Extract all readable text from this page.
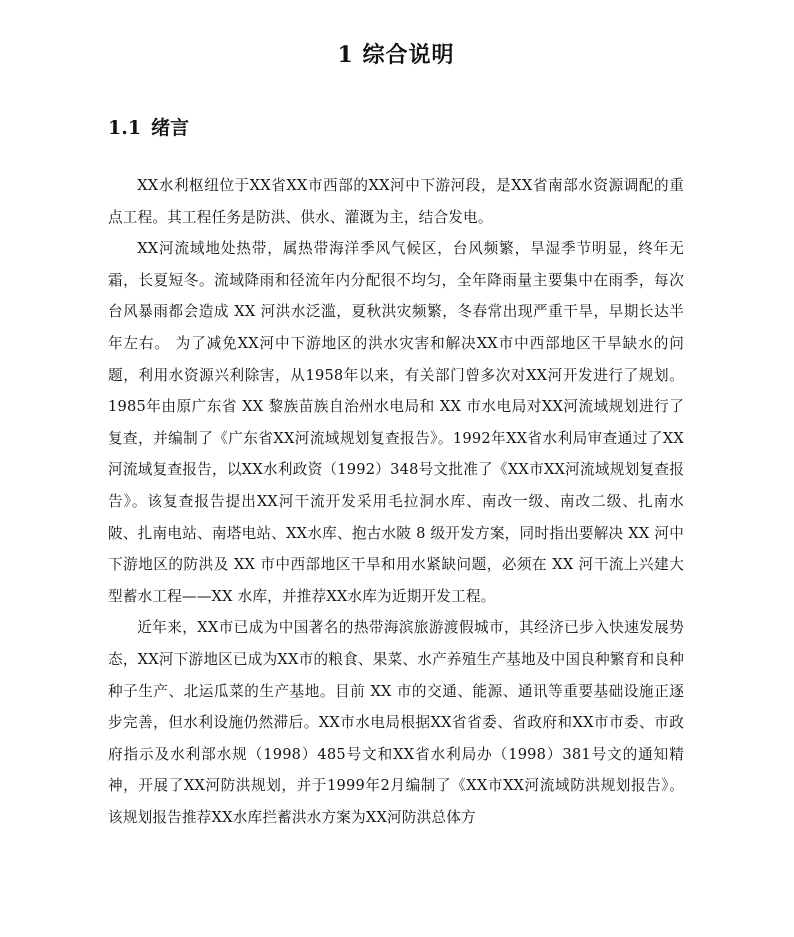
1 综合说明
1.1 绪言

XX水利枢纽位于XX省XX市西部的XX河中下游河段，是XX省南部水资源调配的重点工程。其工程任务是防洪、供水、灌溉为主，结合发电。

XX河流域地处热带，属热带海洋季风气候区，台风频繁，旱湿季节明显，终年无霜，长夏短冬。流域降雨和径流年内分配很不均匀，全年降雨量主要集中在雨季，每次台风暴雨都会造成 XX 河洪水泛滥，夏秋洪灾频繁，冬春常出现严重干旱，早期长达半年左右。 为了减免XX河中下游地区的洪水灾害和解决XX市中西部地区干旱缺水的问题，利用水资源兴利除害，从1958年以来，有关部门曾多次对XX河开发进行了规划。1985年由原广东省 XX 黎族苗族自治州水电局和 XX 市水电局对XX河流域规划进行了复查，并编制了《广东省XX河流域规划复查报告》。1992年XX省水利局审查通过了XX河流域复查报告，以XX水利政资（1992）348号文批准了《XX市XX河流域规划复查报告》。该复查报告提出XX河干流开发采用毛拉洞水库、南改一级、南改二级、扎南水陂、扎南电站、南塔电站、XX水库、抱古水陂 8 级开发方案，同时指出要解决 XX 河中下游地区的防洪及 XX 市中西部地区干旱和用水紧缺问题，必须在 XX 河干流上兴建大型蓄水工程——XX 水库，并推荐XX水库为近期开发工程。

近年来，XX市已成为中国著名的热带海滨旅游渡假城市，其经济已步入快速发展势态，XX河下游地区已成为XX市的粮食、果菜、水产养殖生产基地及中国良种繁育和良种种子生产、北运瓜菜的生产基地。目前 XX 市的交通、能源、通讯等重要基础设施正逐步完善，但水利设施仍然滞后。XX市水电局根据XX省省委、省政府和XX市市委、市政府指示及水利部水规（1998）485号文和XX省水利局办（1998）381号文的通知精神，开展了XX河防洪规划，并于1999年2月编制了《XX市XX河流域防洪规划报告》。该规划报告推荐XX水库拦蓄洪水方案为XX河防洪总体方
